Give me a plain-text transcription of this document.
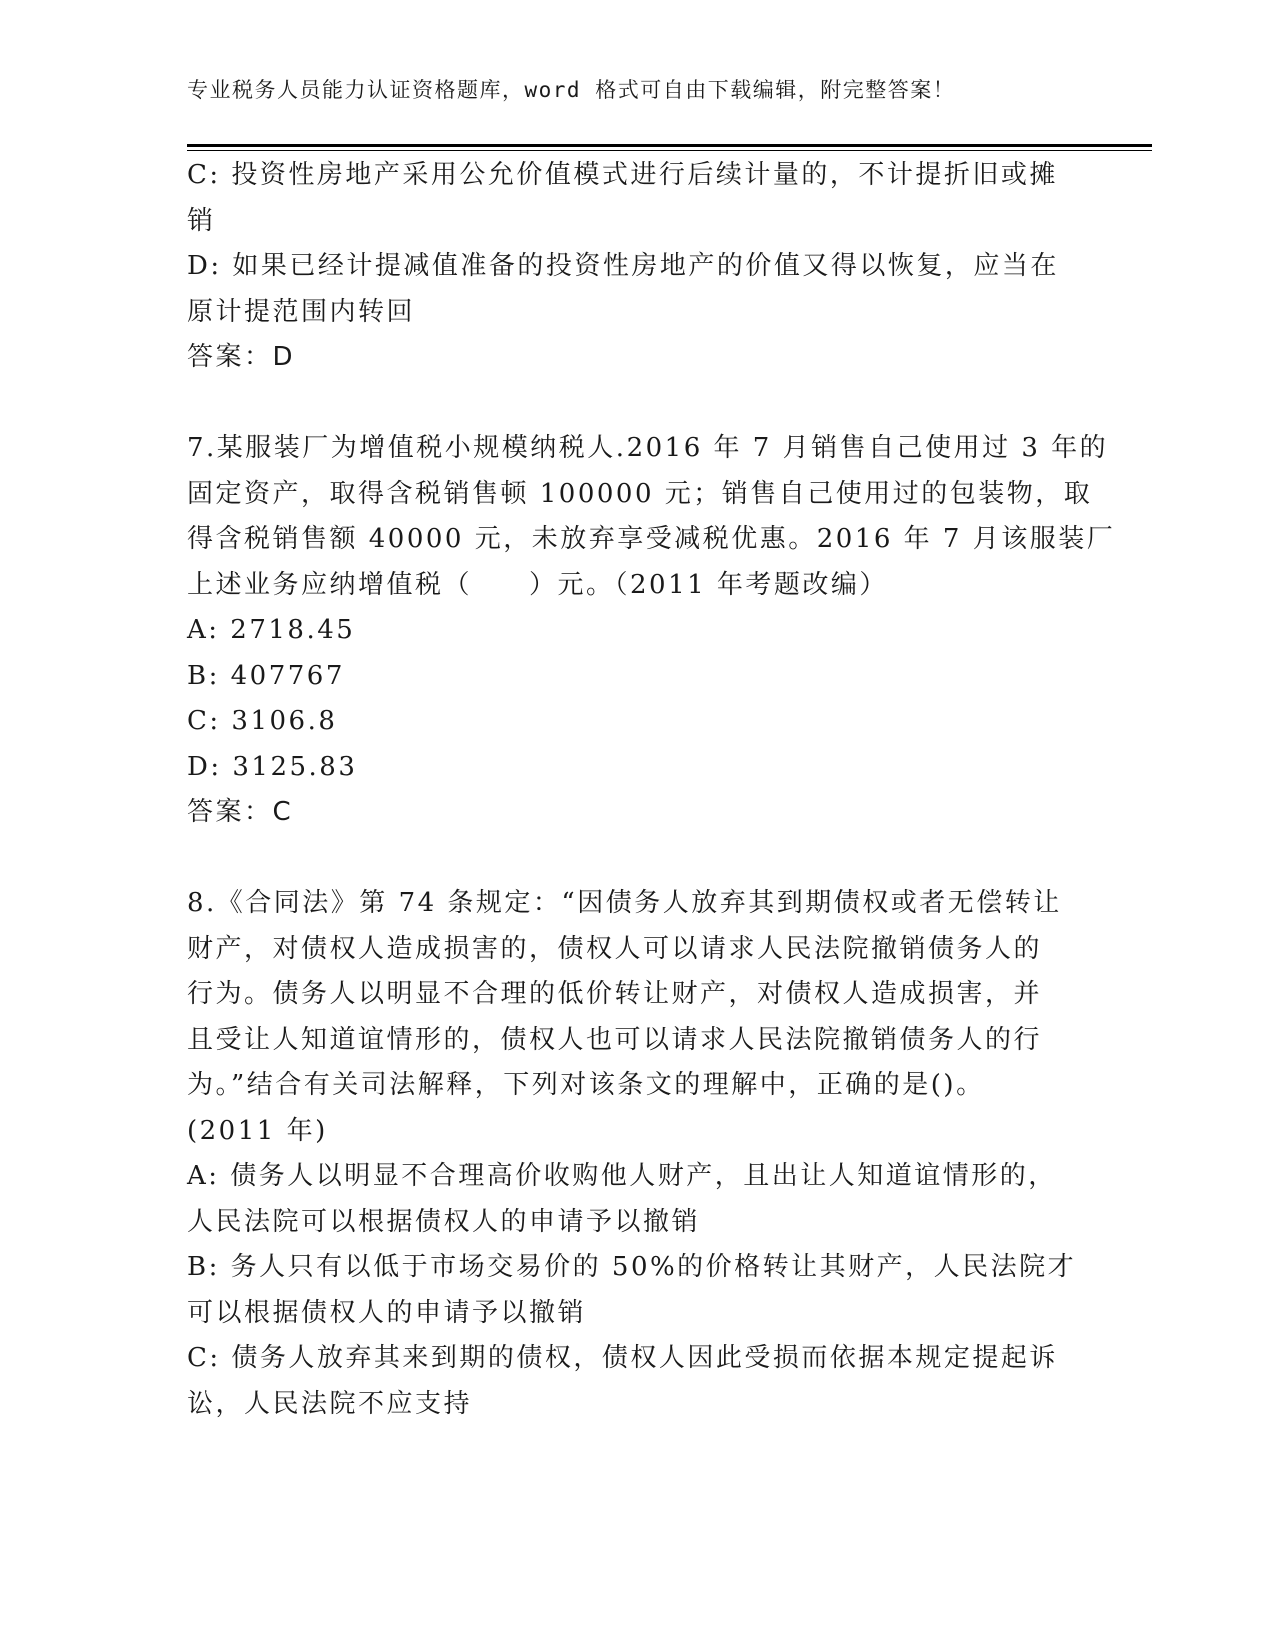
专业税务人员能力认证资格题库，word 格式可自由下载编辑，附完整答案！
C: 投资性房地产采用公允价值模式进行后续计量的，不计提折旧或摊
销
D: 如果已经计提减值准备的投资性房地产的价值又得以恢复，应当在
原计提范围内转回
答案：D
7.某服装厂为增值税小规模纳税人.2016 年 7 月销售自己使用过 3 年的
固定资产，取得含税销售顿 100000 元；销售自己使用过的包装物，取
得含税销售额 40000 元，未放弃享受减税优惠。2016 年 7 月该服装厂
上述业务应纳增值税（　　）元。（2011 年考题改编）
A: 2718.45
B: 407767
C: 3106.8
D: 3125.83
答案：C
8.《合同法》第 74 条规定：“因债务人放弃其到期债权或者无偿转让
财产，对债权人造成损害的，债权人可以请求人民法院撤销债务人的
行为。债务人以明显不合理的低价转让财产，对债权人造成损害，并
且受让人知道谊情形的，债权人也可以请求人民法院撤销债务人的行
为。”结合有关司法解释，下列对该条文的理解中，正确的是()。
(2011 年)
A: 债务人以明显不合理高价收购他人财产，且出让人知道谊情形的，
人民法院可以根据债权人的申请予以撤销
B: 务人只有以低于市场交易价的 50%的价格转让其财产，人民法院才
可以根据债权人的申请予以撤销
C: 债务人放弃其来到期的债权，债权人因此受损而依据本规定提起诉
讼，人民法院不应支持
